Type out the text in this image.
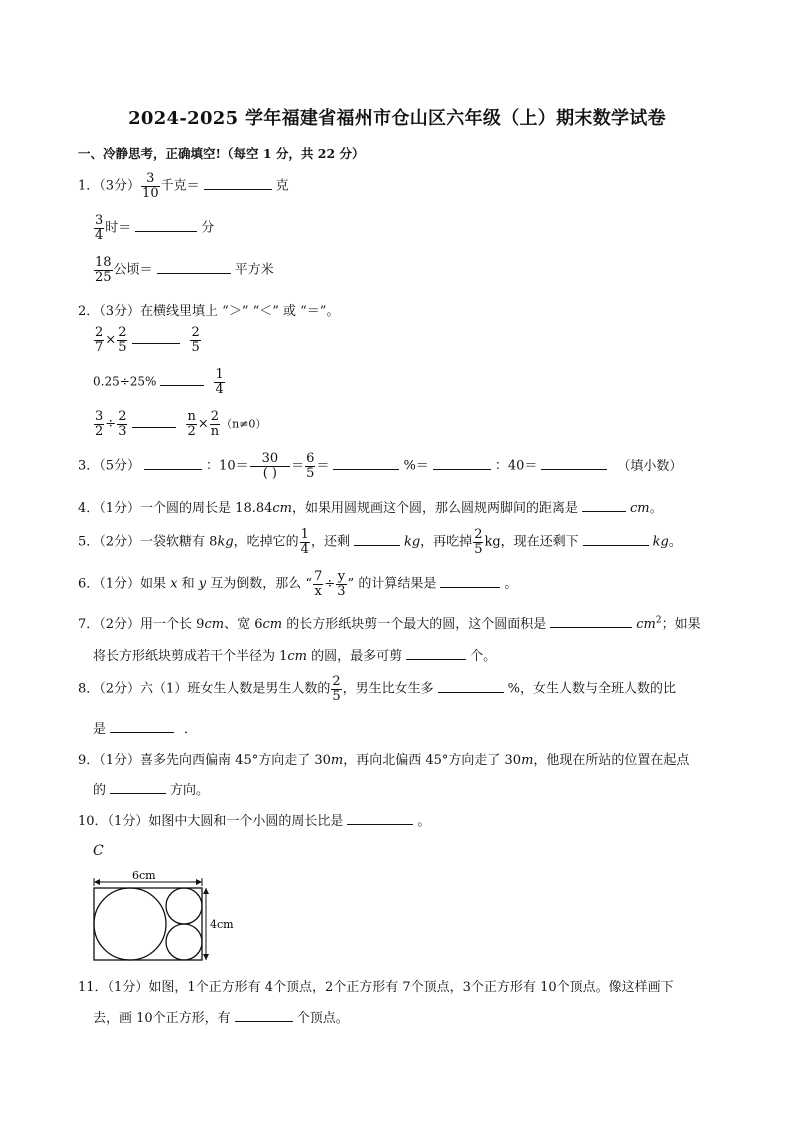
2024-2025 学年福建省福州市仓山区六年级（上）期末数学试卷
一、冷静思考，正确填空!（每空 1 分，共 22 分）
1．（3分） $\frac{3}{10}$ 千克＝	克
$\frac{3}{4}$ 时＝	分
$\frac{18}{25}$ 公顷＝	平方米
2．（3分）在横线里填上 “＞” “＜” 或 “＝”。
$\frac{2}{7} \times \frac{2}{5}$	$\frac{2}{5}$
0.25÷25%	$\frac{1}{4}$
$\frac{3}{2} \div \frac{2}{3}$	$\frac{n}{2} \times \frac{2}{n} (n\ne 0)$
3．（5分）	：$10= \frac{30}{( )} = \frac{6}{5}$ ＝	%＝	：40＝	（填小数）
4．（1分）一个圆的周长是 18.84cm，如果用圆规画这个圆，那么圆规两脚间的距离是	cm。
5．（2分）一袋软糖有 8kg，吃掉它的 $\frac{1}{4}$ ，还剩	kg，再吃掉 $\frac{2}{5}$ kg，现在还剩下	kg。
6．（1分）如果 x 和 y 互为倒数，那么 “ $\frac{7}{x} \div \frac{y}{3}$ ” 的计算结果是	。
7．（2分）用一个长 9cm、宽 6cm 的长方形纸块剪一个最大的圆，这个圆面积是	$cm^2$；如果
将长方形纸块剪成若干个半径为 1cm 的圆，最多可剪	个。
8．（2分）六（1）班女生人数是男生人数的 $\frac{2}{5}$ ，男生比女生多	%，女生人数与全班人数的比
是	．
9．（1分）喜多先向西偏南 45°方向走了 30m，再向北偏西 45°方向走了 30m，他现在所站的位置在起点
的	方向。
10．（1分）如图中大圆和一个小圆的周长比是	。
C
6cm
4cm
11．（1分）如图，1个正方形有 4个顶点，2个正方形有 7个顶点，3个正方形有 10个顶点。像这样画下
去，画 10个正方形，有	个顶点。
